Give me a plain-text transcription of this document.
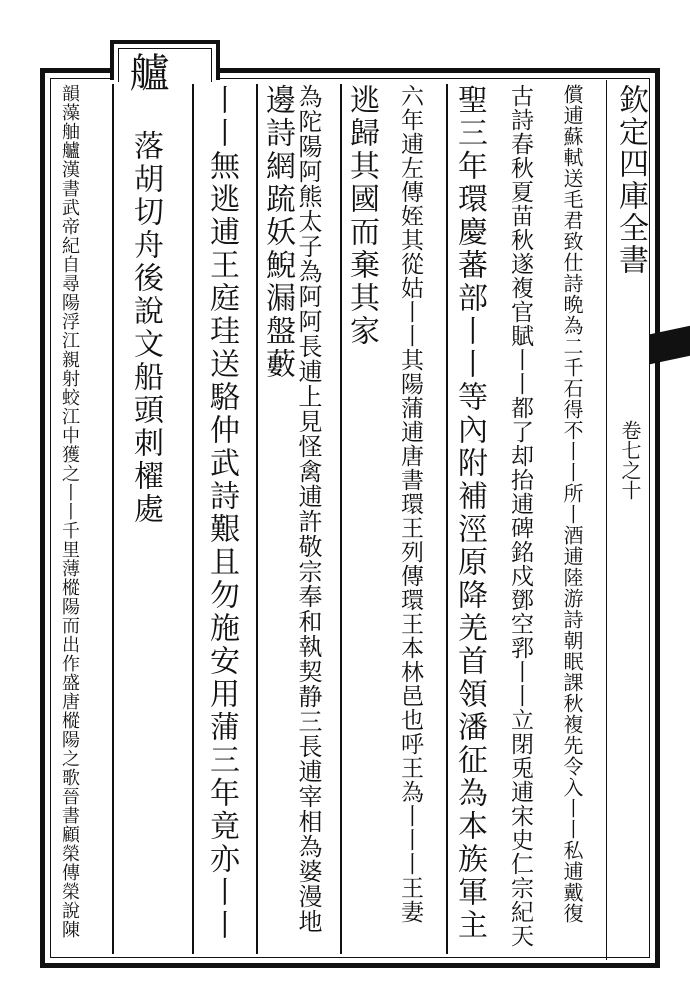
艫
欽定四庫全書
卷七之十
償逋蘇軾送毛君致仕詩晩為二千石得不丨丨所丨酒逋陸游詩朝眠課秋複先令入丨丨私逋戴復
古詩春秋夏苗秋遂複官賦丨丨都了却抬逋碑銘戍鄧空郛丨丨立閉兎逋宋史仁宗紀天
聖三年環慶蕃部丨丨等內附補涇原降羌首領潘征為本族軍主
六年逋左傳姪其從姑丨丨其陽蒲逋唐書環王列傳環王本林邑也呼王為丨丨丨王妻
逃歸其國而棄其家
為陀陽阿熊太子為阿阿長逋上見怪禽逋許敬宗奉和執契静三長逋宰相為婆漫地
邊詩網䟽妖鯢漏盤藪
丨丨無逃逋王庭珪送駱仲武詩艱且勿施安用蒲三年竟亦丨丨
落胡切舟後說文船頭刺櫂處
韻藻舳艫漢書武帝紀自尋陽浮江親射蛟江中獲之丨丨千里薄樅陽而出作盛唐樅陽之歌晉書顧榮傳榮說陳
